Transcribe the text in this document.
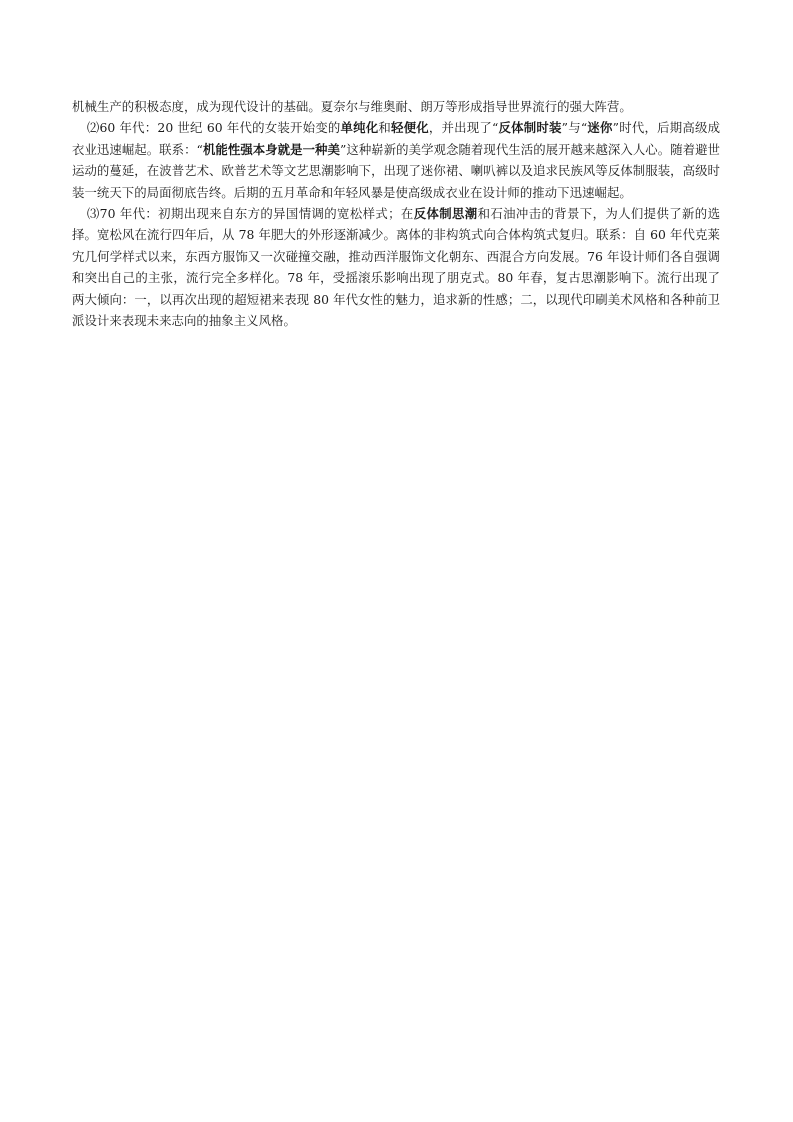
机械生产的积极态度，成为现代设计的基础。夏奈尔与维奥耐、朗万等形成指导世界流行的强大阵营。

⑵60 年代：20 世纪 60 年代的女装开始变的单纯化和轻便化，并出现了“反体制时装”与“迷你”时代，后期高级成衣业迅速崛起。联系：“机能性强本身就是一种美”这种崭新的美学观念随着现代生活的展开越来越深入人心。随着避世运动的蔓延，在波普艺术、欧普艺术等文艺思潮影响下，出现了迷你裙、喇叭裤以及追求民族风等反体制服装，高级时装一统天下的局面彻底告终。后期的五月革命和年轻风暴是使高级成衣业在设计师的推动下迅速崛起。

⑶70 年代：初期出现来自东方的异国情调的宽松样式；在反体制思潮和石油冲击的背景下，为人们提供了新的选择。宽松风在流行四年后，从 78 年肥大的外形逐渐减少。离体的非构筑式向合体构筑式复归。联系：自 60 年代克莱宄几何学样式以来，东西方服饰又一次碰撞交融，推动西洋服饰文化朝东、西混合方向发展。76 年设计师们各自强调和突出自己的主张，流行完全多样化。78 年，受摇滚乐影响出现了朋克式。80 年春，复古思潮影响下。流行出现了两大倾向：一，以再次出现的超短裙来表现 80 年代女性的魅力，追求新的性感；二，以现代印刷美术风格和各种前卫派设计来表现未来志向的抽象主义风格。
